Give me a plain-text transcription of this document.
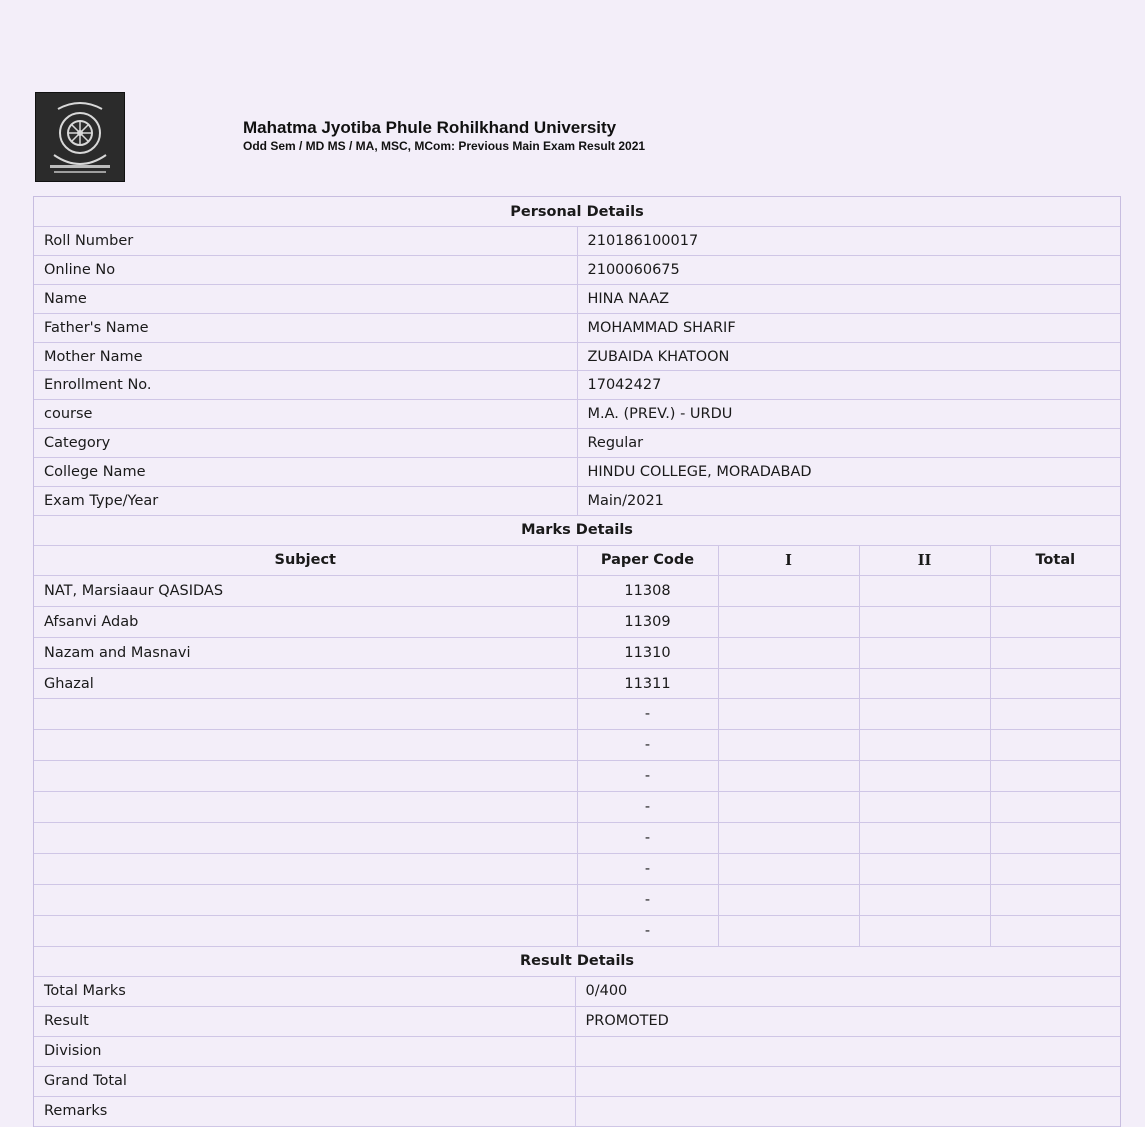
Mahatma Jyotiba Phule Rohilkhand University
Odd Sem / MD MS / MA, MSC, MCom: Previous Main Exam Result 2021
Personal Details	
Roll Number	210186100017
Online No	2100060675
Name	HINA NAAZ
Father's Name	MOHAMMAD SHARIF
Mother Name	ZUBAIDA KHATOON
Enrollment No.	17042427
course	M.A. (PREV.) - URDU
Category	Regular
College Name	HINDU COLLEGE, MORADABAD
Exam Type/Year	Main/2021
Marks Details				
Subject	Paper Code	I	II	Total
NAT, Marsiaaur QASIDAS	11308			
Afsanvi Adab	11309			
Nazam and Masnavi	11310			
Ghazal	11311			
	-			
	-			
	-			
	-			
	-			
	-			
	-			
	-			
Result Details	
Total Marks	0/400
Result	PROMOTED
Division	
Grand Total	
Remarks	
